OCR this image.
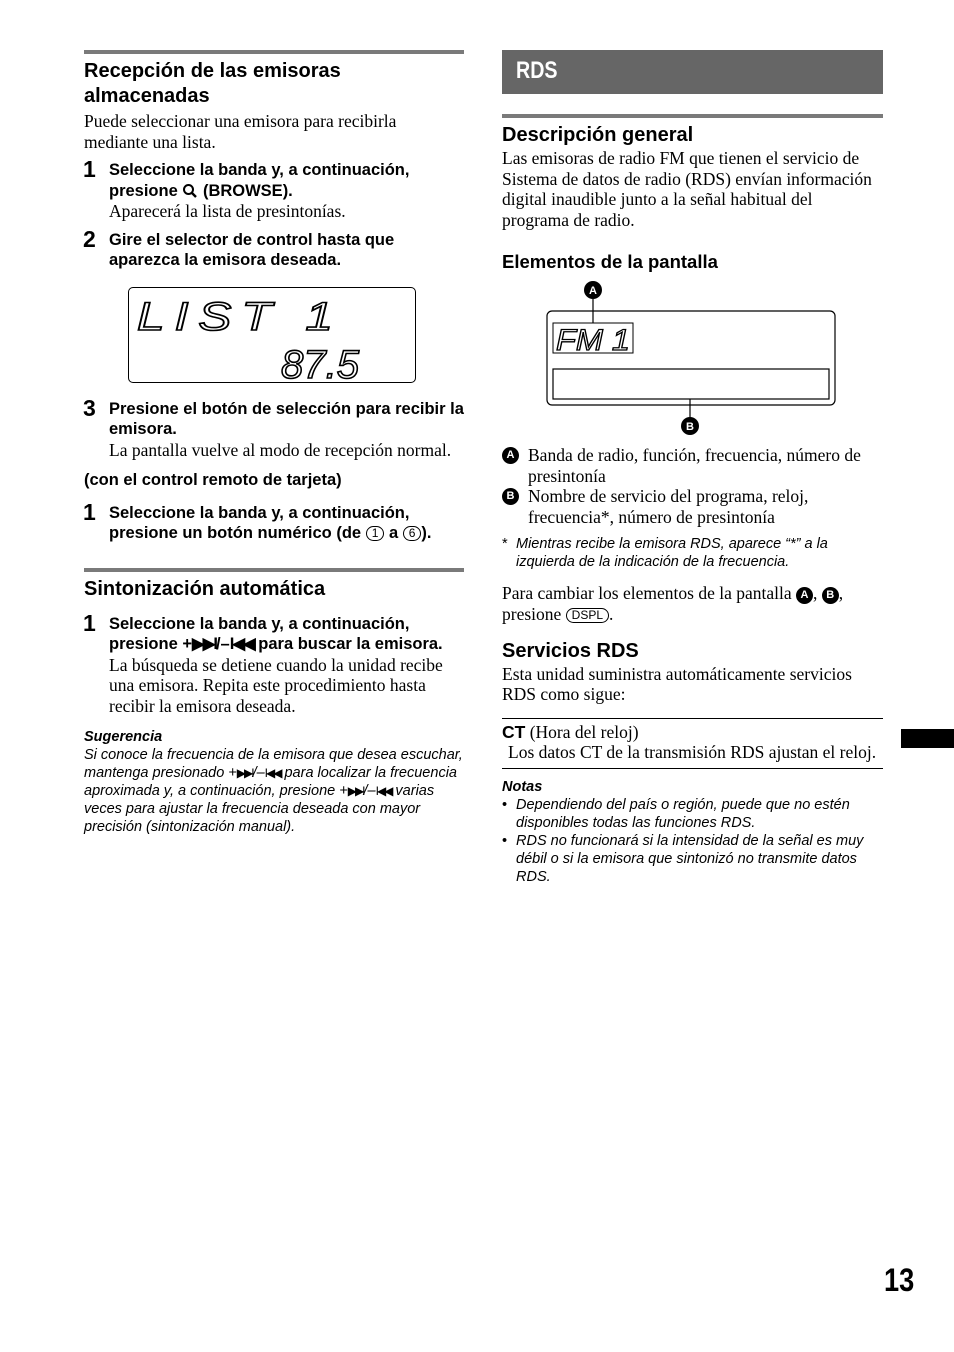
Recepción de las emisoras almacenadas
Puede seleccionar una emisora para recibirla mediante una lista.
1 Seleccione la banda y, a continuación, presione  (BROWSE).
Aparecerá la lista de presintonías.
2 Gire el selector de control hasta que aparezca la emisora deseada.
LIST 1
87.5
3 Presione el botón de selección para recibir la emisora.
La pantalla vuelve al modo de recepción normal.
(con el control remoto de tarjeta)
1 Seleccione la banda y, a continuación, presione un botón numérico (de 1 a 6 ).
Sintonización automática
1 Seleccione la banda y, a continuación, presione +▶▶I/–I◀◀ para buscar la emisora.
La búsqueda se detiene cuando la unidad recibe una emisora. Repita este procedimiento hasta recibir la emisora deseada.
Sugerencia
Si conoce la frecuencia de la emisora que desea escuchar, mantenga presionado +▶▶I/–I◀◀ para localizar la frecuencia aproximada y, a continuación, presione +▶▶I/–I◀◀ varias veces para ajustar la frecuencia deseada con mayor precisión (sintonización manual).
RDS
Descripción general
Las emisoras de radio FM que tienen el servicio de Sistema de datos de radio (RDS) envían información digital inaudible junto a la señal habitual del programa de radio.
Elementos de la pantalla
A
FM 1
B
A Banda de radio, función, frecuencia, número de presintonía
B Nombre de servicio del programa, reloj, frecuencia*, número de presintonía
* Mientras recibe la emisora RDS, aparece “*” a la izquierda de la indicación de la frecuencia.
Para cambiar los elementos de la pantalla A , B ,
presione DSPL .
Servicios RDS
Esta unidad suministra automáticamente servicios RDS como sigue:
CT (Hora del reloj)
Los datos CT de la transmisión RDS ajustan el reloj.
Notas
• Dependiendo del país o región, puede que no estén disponibles todas las funciones RDS.
• RDS no funcionará si la intensidad de la señal es muy débil o si la emisora que sintonizó no transmite datos RDS.
13
